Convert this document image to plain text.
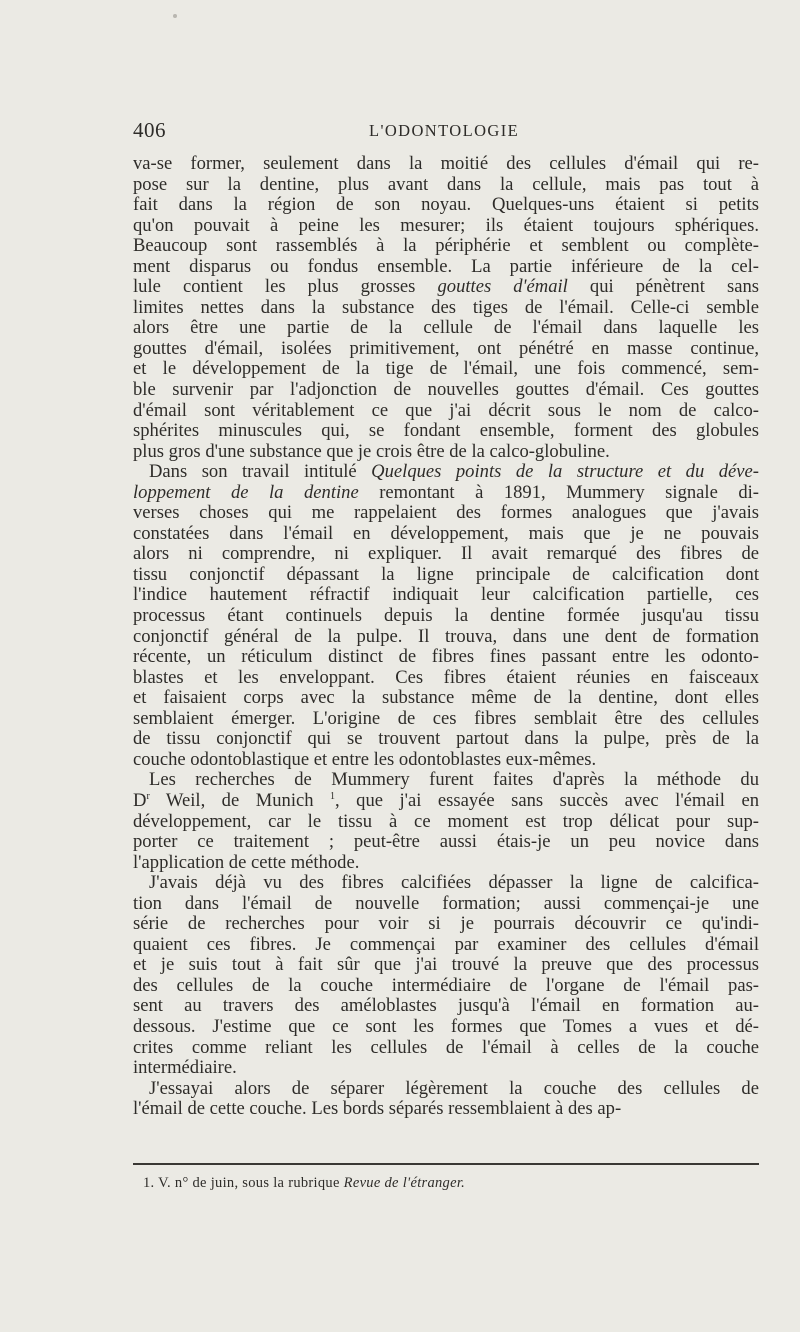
406	L'ODONTOLOGIE
va-se former, seulement dans la moitié des cellules d'émail qui re-
pose sur la dentine, plus avant dans la cellule, mais pas tout à
fait dans la région de son noyau. Quelques-uns étaient si petits
qu'on pouvait à peine les mesurer; ils étaient toujours sphériques.
Beaucoup sont rassemblés à la périphérie et semblent ou complète-
ment disparus ou fondus ensemble. La partie inférieure de la cel-
lule contient les plus grosses gouttes d'émail qui pénètrent sans
limites nettes dans la substance des tiges de l'émail. Celle-ci semble
alors être une partie de la cellule de l'émail dans laquelle les
gouttes d'émail, isolées primitivement, ont pénétré en masse continue,
et le développement de la tige de l'émail, une fois commencé, sem-
ble survenir par l'adjonction de nouvelles gouttes d'émail. Ces gouttes
d'émail sont véritablement ce que j'ai décrit sous le nom de calco-
sphérites minuscules qui, se fondant ensemble, forment des globules
plus gros d'une substance que je crois être de la calco-globuline.
Dans son travail intitulé Quelques points de la structure et du déve-
loppement de la dentine remontant à 1891, Mummery signale di-
verses choses qui me rappelaient des formes analogues que j'avais
constatées dans l'émail en développement, mais que je ne pouvais
alors ni comprendre, ni expliquer. Il avait remarqué des fibres de
tissu conjonctif dépassant la ligne principale de calcification dont
l'indice hautement réfractif indiquait leur calcification partielle, ces
processus étant continuels depuis la dentine formée jusqu'au tissu
conjonctif général de la pulpe. Il trouva, dans une dent de formation
récente, un réticulum distinct de fibres fines passant entre les odonto-
blastes et les enveloppant. Ces fibres étaient réunies en faisceaux
et faisaient corps avec la substance même de la dentine, dont elles
semblaient émerger. L'origine de ces fibres semblait être des cellules
de tissu conjonctif qui se trouvent partout dans la pulpe, près de la
couche odontoblastique et entre les odontoblastes eux-mêmes.
Les recherches de Mummery furent faites d'après la méthode du
$D^r$ Weil, de Munich $^1$, que j'ai essayée sans succès avec l'émail en
développement, car le tissu à ce moment est trop délicat pour sup-
porter ce traitement ; peut-être aussi étais-je un peu novice dans
l'application de cette méthode.
J'avais déjà vu des fibres calcifiées dépasser la ligne de calcifica-
tion dans l'émail de nouvelle formation; aussi commençai-je une
série de recherches pour voir si je pourrais découvrir ce qu'indi-
quaient ces fibres. Je commençai par examiner des cellules d'émail
et je suis tout à fait sûr que j'ai trouvé la preuve que des processus
des cellules de la couche intermédiaire de l'organe de l'émail pas-
sent au travers des améloblastes jusqu'à l'émail en formation au-
dessous. J'estime que ce sont les formes que Tomes a vues et dé-
crites comme reliant les cellules de l'émail à celles de la couche
intermédiaire.
J'essayai alors de séparer légèrement la couche des cellules de
l'émail de cette couche. Les bords séparés ressemblaient à des ap-
1. V. n° de juin, sous la rubrique Revue de l'étranger.
